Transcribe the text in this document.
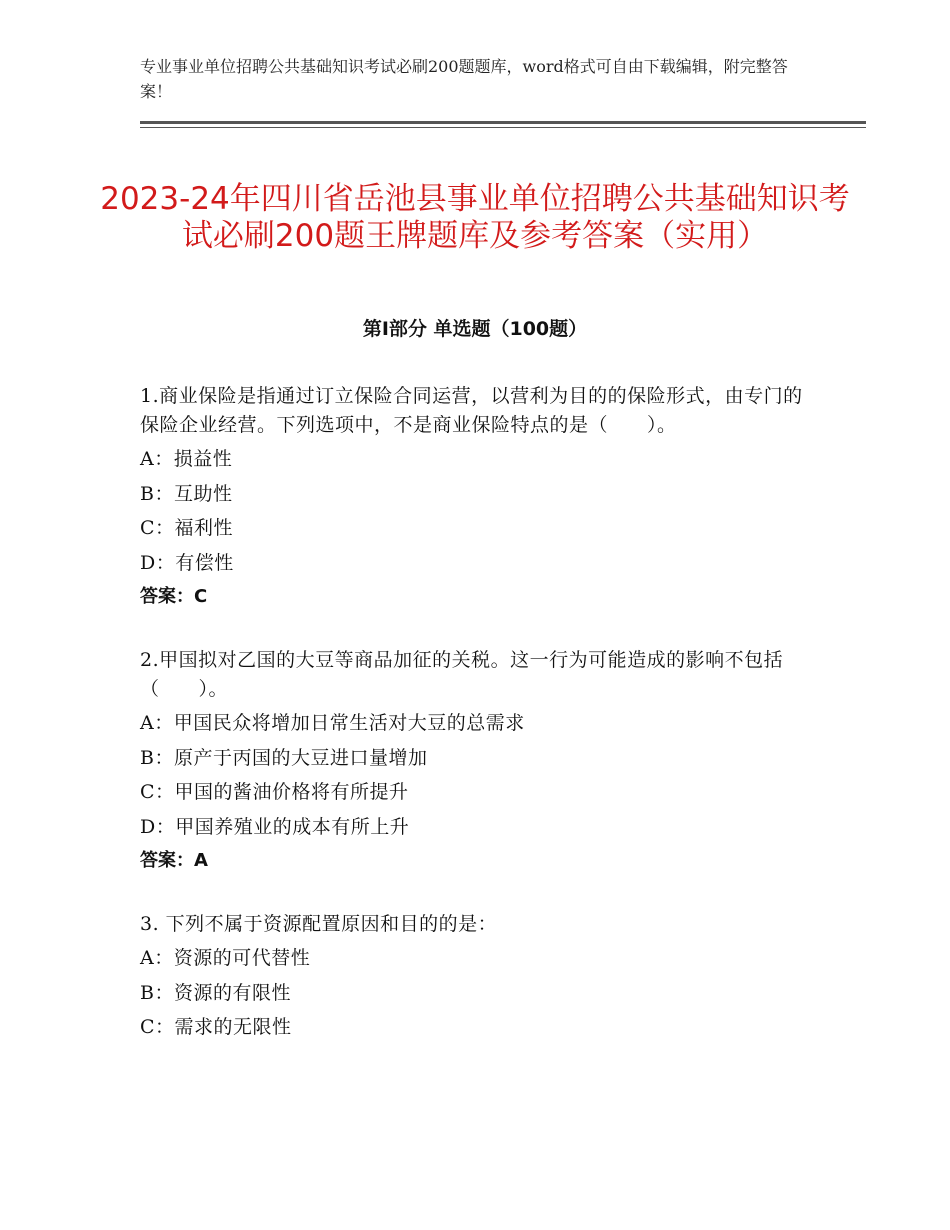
专业事业单位招聘公共基础知识考试必刷200题题库，word格式可自由下载编辑，附完整答案！
2023-24年四川省岳池县事业单位招聘公共基础知识考试必刷200题王牌题库及参考答案（实用）
第Ⅰ部分 单选题（100题）
1.商业保险是指通过订立保险合同运营，以营利为目的的保险形式，由专门的保险企业经营。下列选项中，不是商业保险特点的是（　　）。
A：损益性
B：互助性
C：福利性
D：有偿性
答案：C
2.甲国拟对乙国的大豆等商品加征的关税。这一行为可能造成的影响不包括（　　）。
A：甲国民众将增加日常生活对大豆的总需求
B：原产于丙国的大豆进口量增加
C：甲国的酱油价格将有所提升
D：甲国养殖业的成本有所上升
答案：A
3. 下列不属于资源配置原因和目的的是：
A：资源的可代替性
B：资源的有限性
C：需求的无限性
